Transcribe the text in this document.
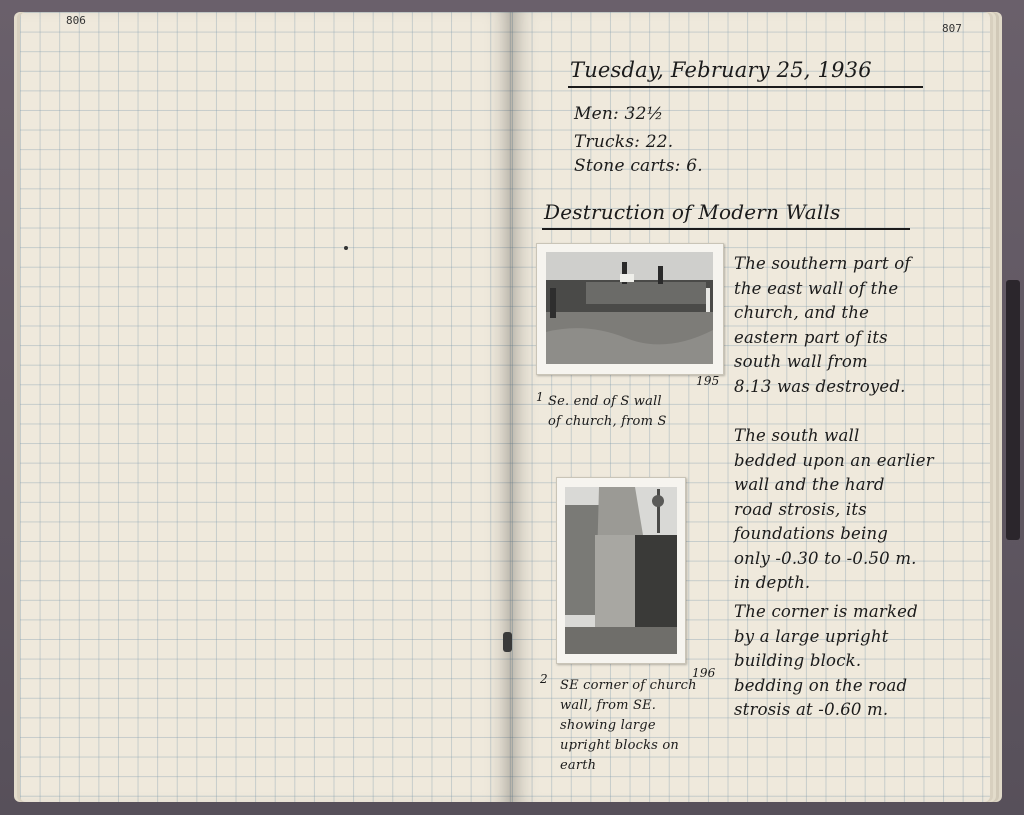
806
807
Tuesday, February 25, 1936
Men: 32½
Trucks: 22.
Stone carts: 6.
Destruction of Modern Walls
195
1 Se. end of S wall
of church, from S
196
2 SE corner of church
wall, from SE.
showing large
upright blocks on
earth
The southern part of
the east wall of the
church, and the
eastern part of its
south wall from
8.13 was destroyed.
The south wall
bedded upon an earlier
wall and the hard
road strosis, its
foundations being
only -0.30 to -0.50 m.
in depth.
The corner is marked
by a large upright
building block.
bedding on the road
strosis at -0.60 m.
